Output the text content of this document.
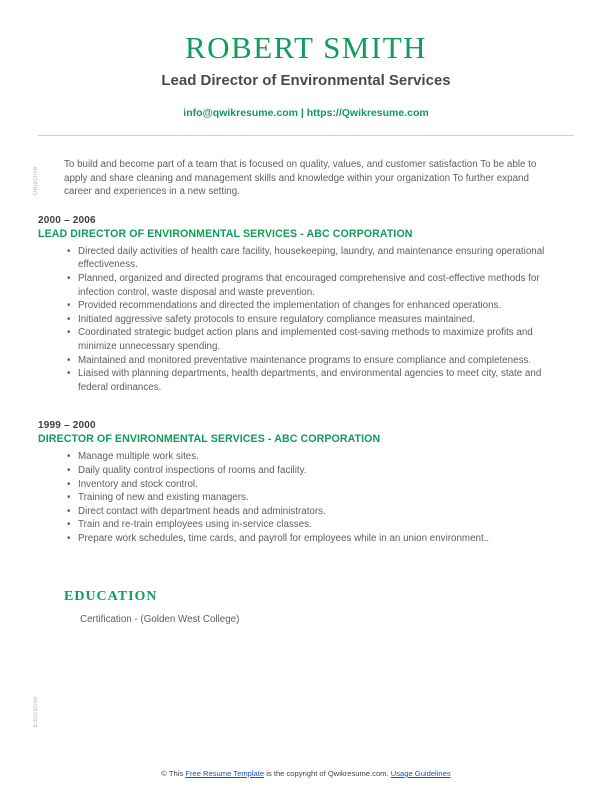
Objective
Education
ROBERT SMITH
Lead Director of Environmental Services
info@qwikresume.com | https://Qwikresume.com

To build and become part of a team that is focused on quality, values, and customer satisfaction To be able to apply and share cleaning and management skills and knowledge within your organization To further expand career and experiences in a new setting.

2000 – 2006
LEAD DIRECTOR OF ENVIRONMENTAL SERVICES - ABC CORPORATION
• Directed daily activities of health care facility, housekeeping, laundry, and maintenance ensuring operational effectiveness.
• Planned, organized and directed programs that encouraged comprehensive and cost-effective methods for infection control, waste disposal and waste prevention.
• Provided recommendations and directed the implementation of changes for enhanced operations.
• Initiated aggressive safety protocols to ensure regulatory compliance measures maintained.
• Coordinated strategic budget action plans and implemented cost-saving methods to maximize profits and minimize unnecessary spending.
• Maintained and monitored preventative maintenance programs to ensure compliance and completeness.
• Liaised with planning departments, health departments, and environmental agencies to meet city, state and federal ordinances.
1999 – 2000
DIRECTOR OF ENVIRONMENTAL SERVICES - ABC CORPORATION
• Manage multiple work sites.
• Daily quality control inspections of rooms and facility.
• Inventory and stock control.
• Training of new and existing managers.
• Direct contact with department heads and administrators.
• Train and re-train employees using in-service classes.
• Prepare work schedules, time cards, and payroll for employees while in an union environment..
EDUCATION
Certification - (Golden West College)
© This Free Resume Template is the copyright of Qwikresume.com. Usage Guidelines
